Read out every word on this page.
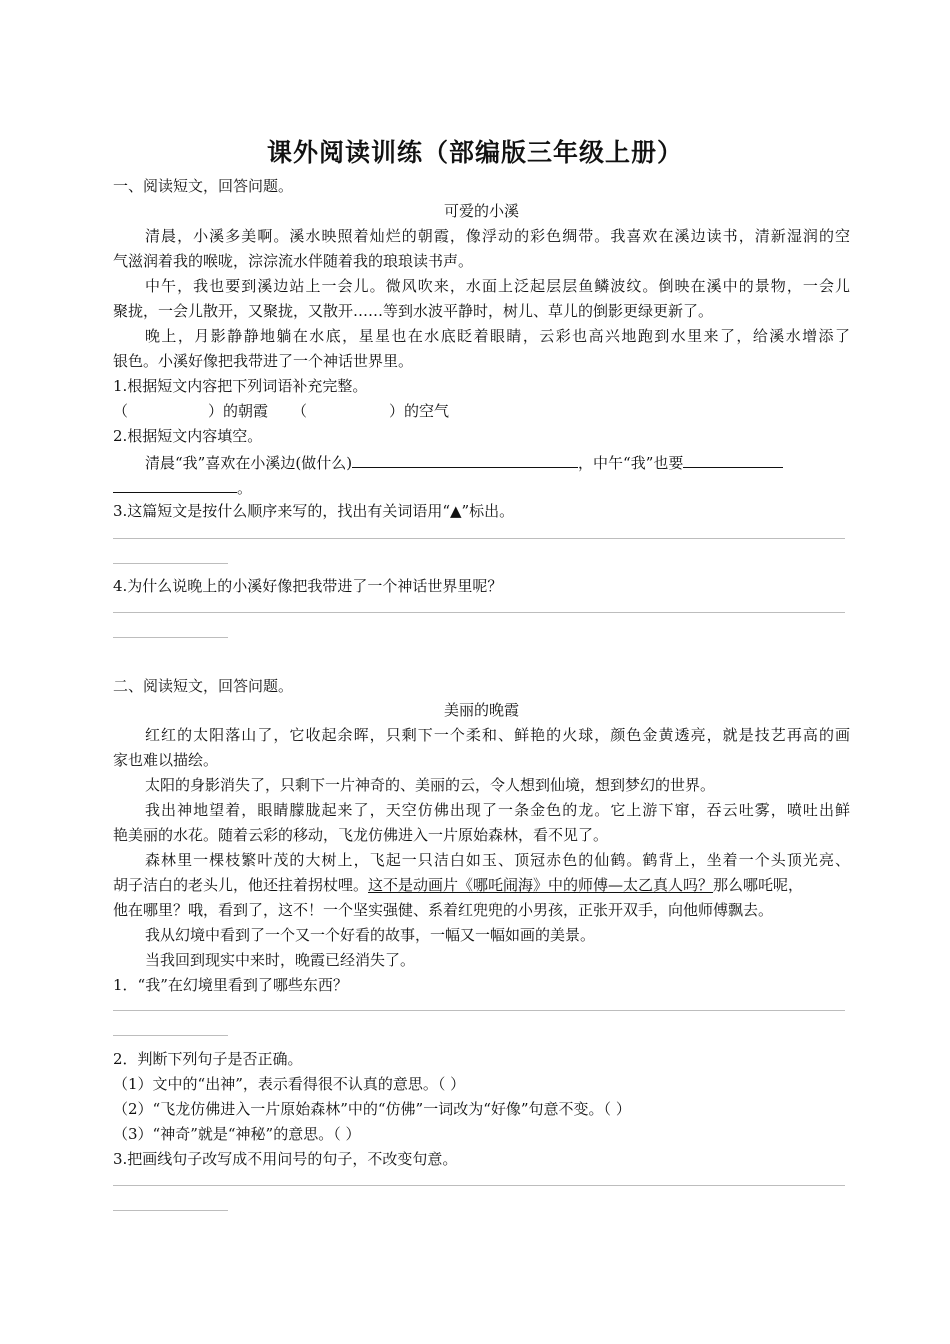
课外阅读训练（部编版三年级上册）
一、阅读短文，回答问题。
可爱的小溪
清晨，小溪多美啊。溪水映照着灿烂的朝霞，像浮动的彩色绸带。我喜欢在溪边读书，清新湿润的空
气滋润着我的喉咙，淙淙流水伴随着我的琅琅读书声。
中午，我也要到溪边站上一会儿。微风吹来，水面上泛起层层鱼鳞波纹。倒映在溪中的景物，一会儿
聚拢，一会儿散开，又聚拢，又散开……等到水波平静时，树儿、草儿的倒影更绿更新了。
晚上，月影静静地躺在水底，星星也在水底眨着眼睛，云彩也高兴地跑到水里来了，给溪水增添了
银色。小溪好像把我带进了一个神话世界里。
1.根据短文内容把下列词语补充完整。
（	）的朝霞 （	）的空气
2.根据短文内容填空。
清晨“我”喜欢在小溪边(做什么)	，中午“我”也要
。
3.这篇短文是按什么顺序来写的，找出有关词语用“▲”标出。
4.为什么说晚上的小溪好像把我带进了一个神话世界里呢？
二、阅读短文，回答问题。
美丽的晚霞
红红的太阳落山了，它收起余晖，只剩下一个柔和、鲜艳的火球，颜色金黄透亮，就是技艺再高的画
家也难以描绘。
太阳的身影消失了，只剩下一片神奇的、美丽的云，令人想到仙境，想到梦幻的世界。
我出神地望着，眼睛朦胧起来了，天空仿佛出现了一条金色的龙。它上游下窜，吞云吐雾，喷吐出鲜
艳美丽的水花。随着云彩的移动，飞龙仿佛进入一片原始森林，看不见了。
森林里一棵枝繁叶茂的大树上，飞起一只洁白如玉、顶冠赤色的仙鹤。鹤背上，坐着一个头顶光亮、
胡子洁白的老头儿，他还拄着拐杖哩。这不是动画片《哪吒闹海》中的师傅—太乙真人吗？那么哪吒呢，
他在哪里？哦，看到了，这不！一个坚实强健、系着红兜兜的小男孩，正张开双手，向他师傅飘去。
我从幻境中看到了一个又一个好看的故事，一幅又一幅如画的美景。
当我回到现实中来时，晚霞已经消失了。
1．“我”在幻境里看到了哪些东西？
2．判断下列句子是否正确。
（1）文中的“出神”，表示看得很不认真的意思。（ ）
（2）“飞龙仿佛进入一片原始森林”中的“仿佛”一词改为“好像”句意不变。（ ）
（3）“神奇”就是“神秘”的意思。（ ）
3.把画线句子改写成不用问号的句子，不改变句意。
